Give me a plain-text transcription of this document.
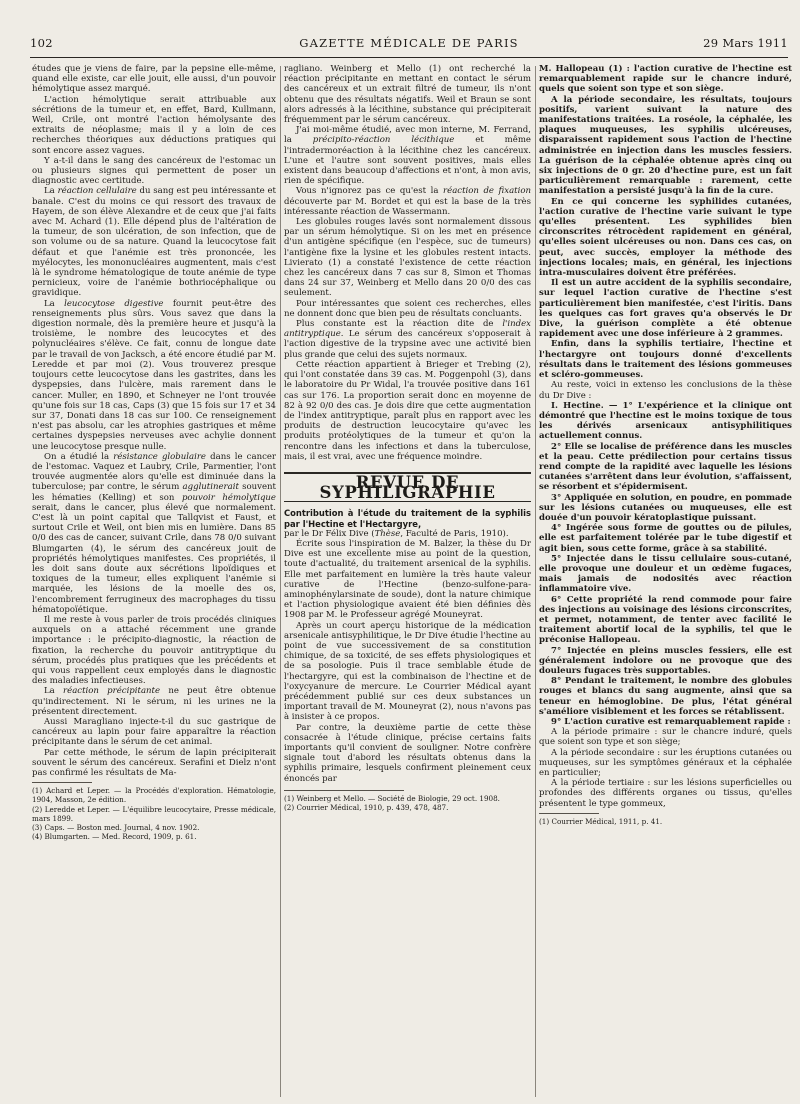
102	GAZETTE MÉDICALE DE PARIS	29 Mars 1911

études que je viens de faire, par la pepsine elle-même, quand elle existe, car elle jouit, elle aussi, d'un pouvoir hémolytique assez marqué.

L'action hémolytique serait attribuable aux sécrétions de la tumeur et, en effet, Bard, Kullmann, Weil, Crile, ont montré l'action hémolysante des extraits de néoplasme; mais il y a loin de ces recherches théoriques aux déductions pratiques qui sont encore assez vagues.

Y a-t-il dans le sang des cancéreux de l'estomac un ou plusieurs signes qui permettent de poser un diagnostic avec certitude.

La réaction cellulaire du sang est peu intéressante et banale. C'est du moins ce qui ressort des travaux de Hayem, de son élève Alexandre et de ceux que j'ai faits avec M. Achard (1). Elle dépend plus de l'altération de la tumeur, de son ulcération, de son infection, que de son volume ou de sa nature. Quand la leucocytose fait défaut et que l'anémie est très prononcée, les myélocytes, les mononucléaires augmentent, mais c'est là le syndrome hématologique de toute anémie de type pernicieux, voire de l'anémie bothriocéphalique ou gravidique.

La leucocytose digestive fournit peut-être des renseignements plus sûrs. Vous savez que dans la digestion normale, dès la première heure et jusqu'à la troisième, le nombre des leucocytes et des polynucléaires s'élève. Ce fait, connu de longue date par le travail de von Jacksch, a été encore étudié par M. Leredde et par moi (2). Vous trouverez presque toujours cette leucocytose dans les gastrites, dans les dyspepsies, dans l'ulcère, mais rarement dans le cancer. Muller, en 1890, et Schneyer ne l'ont trouvée qu'une fois sur 18 cas, Caps (3) que 15 fois sur 17 et 34 sur 37, Donati dans 18 cas sur 100. Ce renseignement n'est pas absolu, car les atrophies gastriques et même certaines dyspepsies nerveuses avec achylie donnent une leucocytose presque nulle.

On a étudié la résistance globulaire dans le cancer de l'estomac. Vaquez et Laubry, Crile, Parmentier, l'ont trouvée augmentée alors qu'elle est diminuée dans la tuberculose; par contre, le sérum agglutinerait souvent les hématies (Kelling) et son pouvoir hémolytique serait, dans le cancer, plus élevé que normalement. C'est là un point capital que Tallqvist et Faust, et surtout Crile et Weil, ont bien mis en lumière. Dans 85 0/0 des cas de cancer, suivant Crile, dans 78 0/0 suivant Blumgarten (4), le sérum des cancéreux jouit de propriétés hémolytiques manifestes. Ces propriétés, il les doit sans doute aux sécrétions lipoïdiques et toxiques de la tumeur, elles expliquent l'anémie si marquée, les lésions de la moelle des os, l'encombrement ferrugineux des macrophages du tissu hématopoïétique.

Il me reste à vous parler de trois procédés cliniques auxquels on a attaché récemment une grande importance : le précipito-diagnostic, la réaction de fixation, la recherche du pouvoir antitryptique du sérum, procédés plus pratiques que les précédents et qui vous rappellent ceux employés dans le diagnostic des maladies infectieuses.

La réaction précipitante ne peut être obtenue qu'indirectement. Ni le sérum, ni les urines ne la présentent directement.

Aussi Maragliano injecte-t-il du suc gastrique de cancéreux au lapin pour faire apparaître la réaction précipitante dans le sérum de cet animal.

Par cette méthode, le sérum de lapin précipiterait souvent le sérum des cancéreux. Serafini et Dielz n'ont pas confirmé les résultats de Ma-

(1) Achard et Leper. — la Procédés d'exploration. Hématologie, 1904, Masson, 2e édition.

(2) Leredde et Leper. — L'équilibre leucocytaire, Presse médicale, mars 1899.

(3) Caps. — Boston med. Journal, 4 nov. 1902.

(4) Blumgarten. — Med. Record, 1909, p. 61.

ragliano. Weinberg et Mello (1) ont recherché la réaction précipitante en mettant en contact le sérum des cancéreux et un extrait filtré de tumeur, ils n'ont obtenu que des résultats négatifs. Weil et Braun se sont alors adressés à la lécithine, substance qui précipiterait fréquemment par le sérum cancéreux.

J'ai moi-même étudié, avec mon interne, M. Ferrand, la précipito-réaction lécithique et même l'intradermoréaction à la lécithine chez les cancéreux. L'une et l'autre sont souvent positives, mais elles existent dans beaucoup d'affections et n'ont, à mon avis, rien de spécifique.

Vous n'ignorez pas ce qu'est la réaction de fixation découverte par M. Bordet et qui est la base de la très intéressante réaction de Wassermann.

Les globules rouges lavés sont normalement dissous par un sérum hémolytique. Si on les met en présence d'un antigène spécifique (en l'espèce, suc de tumeurs) l'antigène fixe la lysine et les globules restent intacts. Livierato (1) a constaté l'existence de cette réaction chez les cancéreux dans 7 cas sur 8, Simon et Thomas dans 24 sur 37, Weinberg et Mello dans 20 0/0 des cas seulement.

Pour intéressantes que soient ces recherches, elles ne donnent donc que bien peu de résultats concluants.

Plus constante est la réaction dite de l'index antitryptique. Le sérum des cancéreux s'opposerait à l'action digestive de la trypsine avec une activité bien plus grande que celui des sujets normaux.

Cette réaction appartient à Brieger et Trebing (2), qui l'ont constatée dans 39 cas. M. Poggenpohl (3), dans le laboratoire du Pr Widal, l'a trouvée positive dans 161 cas sur 176. La proportion serait donc en moyenne de 82 à 92 0/0 des cas. Je dois dire que cette augmentation de l'index antitryptique, paraît plus en rapport avec les produits de destruction leucocytaire qu'avec les produits protéolytiques de la tumeur et qu'on la rencontre dans les infections et dans la tuberculose, mais, il est vrai, avec une fréquence moindre.

REVUE DE SYPHILIGRAPHIE

Contribution à l'étude du traitement de la syphilis par l'Hectine et l'Hectargyre,

par le Dr Félix Dive (Thèse, Faculté de Paris, 1910).

Écrite sous l'inspiration de M. Balzer, la thèse du Dr Dive est une excellente mise au point de la question, toute d'actualité, du traitement arsenical de la syphilis. Elle met parfaitement en lumière la très haute valeur curative de l'Hectine (benzo-sulfone-para-aminophénylarsinate de soude), dont la nature chimique et l'action physiologique avaient été bien définies dès 1908 par M. le Professeur agrégé Mouneyrat.

Après un court aperçu historique de la médication arsenicale antisyphilitique, le Dr Dive étudie l'hectine au point de vue successivement de sa constitution chimique, de sa toxicité, de ses effets physiologiques et de sa posologie. Puis il trace semblable étude de l'hectargyre, qui est la combinaison de l'hectine et de l'oxycyanure de mercure. Le Courrier Médical ayant précédemment publié sur ces deux substances un important travail de M. Mouneyrat (2), nous n'avons pas à insister à ce propos.

Par contre, la deuxième partie de cette thèse consacrée à l'étude clinique, précise certains faits importants qu'il convient de souligner. Notre confrère signale tout d'abord les résultats obtenus dans la syphilis primaire, lesquels confirment pleinement ceux énoncés par

(1) Weinberg et Mello. — Société de Biologie, 29 oct. 1908.

(2) Courrier Médical, 1910, p. 439, 478, 487.

M. Hallopeau (1) : l'action curative de l'hectine est remarquablement rapide sur le chancre induré, quels que soient son type et son siège.

A la période secondaire, les résultats, toujours positifs, varient suivant la nature des manifestations traitées. La roséole, la céphalée, les plaques muqueuses, les syphilis ulcéreuses, disparaissent rapidement sous l'action de l'hectine administrée en injection dans les muscles fessiers. La guérison de la céphalée obtenue après cinq ou six injections de 0 gr. 20 d'hectine pure, est un fait particulièrement remarquable : rarement, cette manifestation a persisté jusqu'à la fin de la cure.

En ce qui concerne les syphilides cutanées, l'action curative de l'hectine varie suivant le type qu'elles présentent. Les syphilides bien circonscrites rétrocèdent rapidement en général, qu'elles soient ulcéreuses ou non. Dans ces cas, on peut, avec succès, employer la méthode des injections locales; mais, en général, les injections intra-musculaires doivent être préférées.

Il est un autre accident de la syphilis secondaire, sur lequel l'action curative de l'hectine s'est particulièrement bien manifestée, c'est l'iritis. Dans les quelques cas fort graves qu'a observés le Dr Dive, la guérison complète a été obtenue rapidement avec une dose inférieure à 2 grammes.

Enfin, dans la syphilis tertiaire, l'hectine et l'hectargyre ont toujours donné d'excellents résultats dans le traitement des lésions gommeuses et scléro-gommeuses.

Au reste, voici in extenso les conclusions de la thèse du Dr Dive :

I. Hectine. — 1° L'expérience et la clinique ont démontré que l'hectine est le moins toxique de tous les dérivés arsenicaux antisyphilitiques actuellement connus.

2° Elle se localise de préférence dans les muscles et la peau. Cette prédilection pour certains tissus rend compte de la rapidité avec laquelle les lésions cutanées s'arrêtent dans leur évolution, s'affaissent, se résorbent et s'épidermisent.

3° Appliquée en solution, en poudre, en pommade sur les lésions cutanées ou muqueuses, elle est douée d'un pouvoir kératoplastique puissant.

4° Ingérée sous forme de gouttes ou de pilules, elle est parfaitement tolérée par le tube digestif et agit bien, sous cette forme, grâce à sa stabilité.

5° Injectée dans le tissu cellulaire sous-cutané, elle provoque une douleur et un œdème fugaces, mais jamais de nodosités avec réaction inflammatoire vive.

6° Cette propriété la rend commode pour faire des injections au voisinage des lésions circonscrites, et permet, notamment, de tenter avec facilité le traitement abortif local de la syphilis, tel que le préconise Hallopeau.

7° Injectée en pleins muscles fessiers, elle est généralement indolore ou ne provoque que des douleurs fugaces très supportables.

8° Pendant le traitement, le nombre des globules rouges et blancs du sang augmente, ainsi que sa teneur en hémoglobine. De plus, l'état général s'améliore visiblement et les forces se rétablissent.

9° L'action curative est remarquablement rapide :

A la période primaire : sur le chancre induré, quels que soient son type et son siège;

A la période secondaire : sur les éruptions cutanées ou muqueuses, sur les symptômes généraux et la céphalée en particulier;

A la période tertiaire : sur les lésions superficielles ou profondes des différents organes ou tissus, qu'elles présentent le type gommeux,

(1) Courrier Médical, 1911, p. 41.
